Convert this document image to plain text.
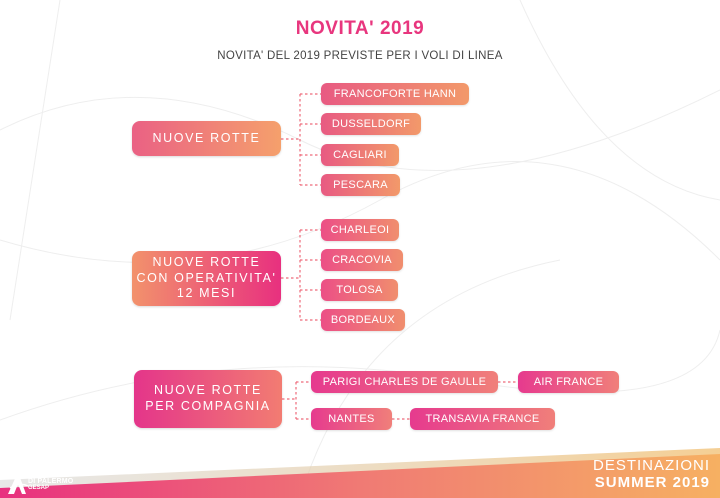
NOVITA' 2019
NOVITA' DEL 2019 PREVISTE PER I VOLI DI LINEA
NUOVE ROTTE
FRANCOFORTE HANN
DUSSELDORF
CAGLIARI
PESCARA
NUOVE ROTTE
CON OPERATIVITA'
12 MESI
CHARLEOI
CRACOVIA
TOLOSA
BORDEAUX
NUOVE ROTTE
PER COMPAGNIA
PARIGI CHARLES DE GAULLE	AIR FRANCE
NANTES	TRANSAVIA FRANCE
AEROPORTO
DI PALERMO
GESAP
DESTINAZIONI
SUMMER 2019
